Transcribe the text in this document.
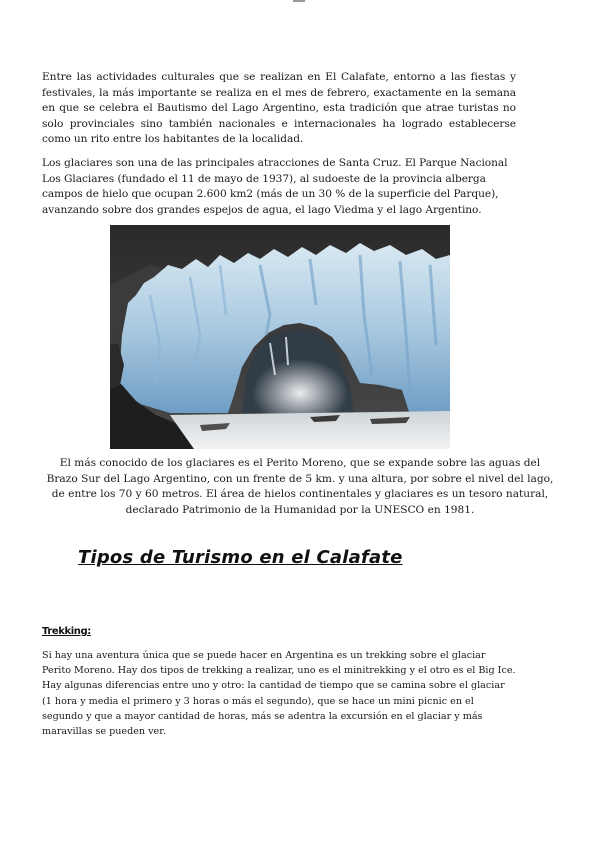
Entre las actividades culturales que se realizan en El Calafate, entorno a las fiestas y festivales, la más importante se realiza en el mes de febrero, exactamente en la semana en que se celebra el Bautismo del Lago Argentino, esta tradición que atrae turistas no solo provinciales sino también nacionales e internacionales ha logrado establecerse como un rito entre los habitantes de la localidad.

Los glaciares son una de las principales atracciones de Santa Cruz. El Parque Nacional Los Glaciares (fundado el 11 de mayo de 1937), al sudoeste de la provincia alberga campos de hielo que ocupan 2.600 km2 (más de un 30 % de la superficie del Parque), avanzando sobre dos grandes espejos de agua, el lago Viedma y el lago Argentino.

El más conocido de los glaciares es el Perito Moreno, que se expande sobre las aguas del Brazo Sur del Lago Argentino, con un frente de 5 km. y una altura, por sobre el nivel del lago, de entre los 70 y 60 metros. El área de hielos continentales y glaciares es un tesoro natural, declarado Patrimonio de la Humanidad por la UNESCO en 1981.

Tipos de Turismo en el Calafate
Trekking:

Si hay una aventura única que se puede hacer en Argentina es un trekking sobre el glaciar Perito Moreno. Hay dos tipos de trekking a realizar, uno es el minitrekking y el otro es el Big Ice. Hay algunas diferencias entre uno y otro: la cantidad de tiempo que se camina sobre el glaciar (1 hora y media el primero y 3 horas o más el segundo), que se hace un mini picnic en el segundo y que a mayor cantidad de horas, más se adentra la excursión en el glaciar y más maravillas se pueden ver.
